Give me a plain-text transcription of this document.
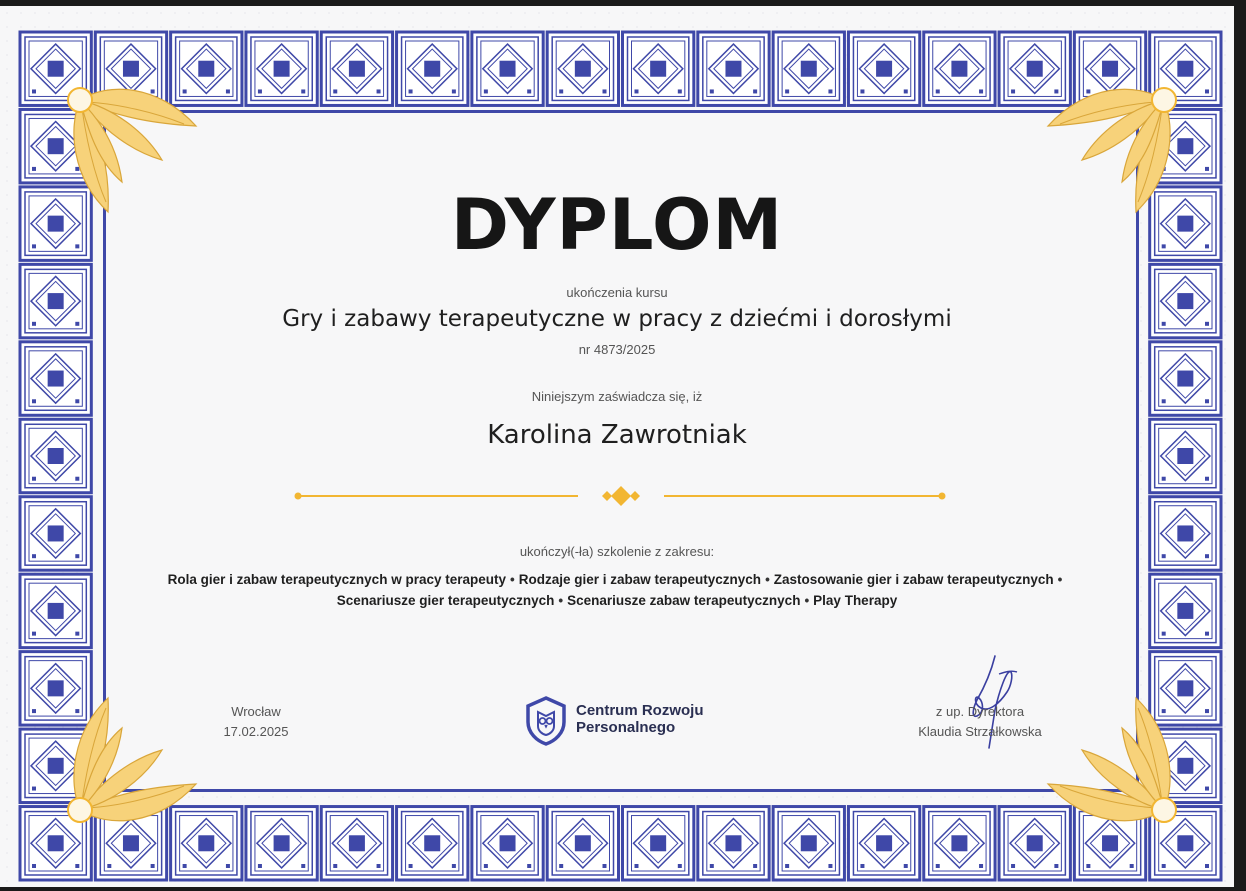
DYPLOM
ukończenia kursu
Gry i zabawy terapeutyczne w pracy z dziećmi i dorosłymi
nr 4873/2025
Niniejszym zaświadcza się, iż
Karolina Zawrotniak
ukończył(-ła) szkolenie z zakresu:
Rola gier i zabaw terapeutycznych w pracy terapeuty • Rodzaje gier i zabaw terapeutycznych • Zastosowanie gier i zabaw terapeutycznych •
Scenariusze gier terapeutycznych • Scenariusze zabaw terapeutycznych • Play Therapy
Wrocław
17.02.2025
Centrum Rozwoju
Personalnego
z up. Dyrektora
Klaudia Strzałkowska
